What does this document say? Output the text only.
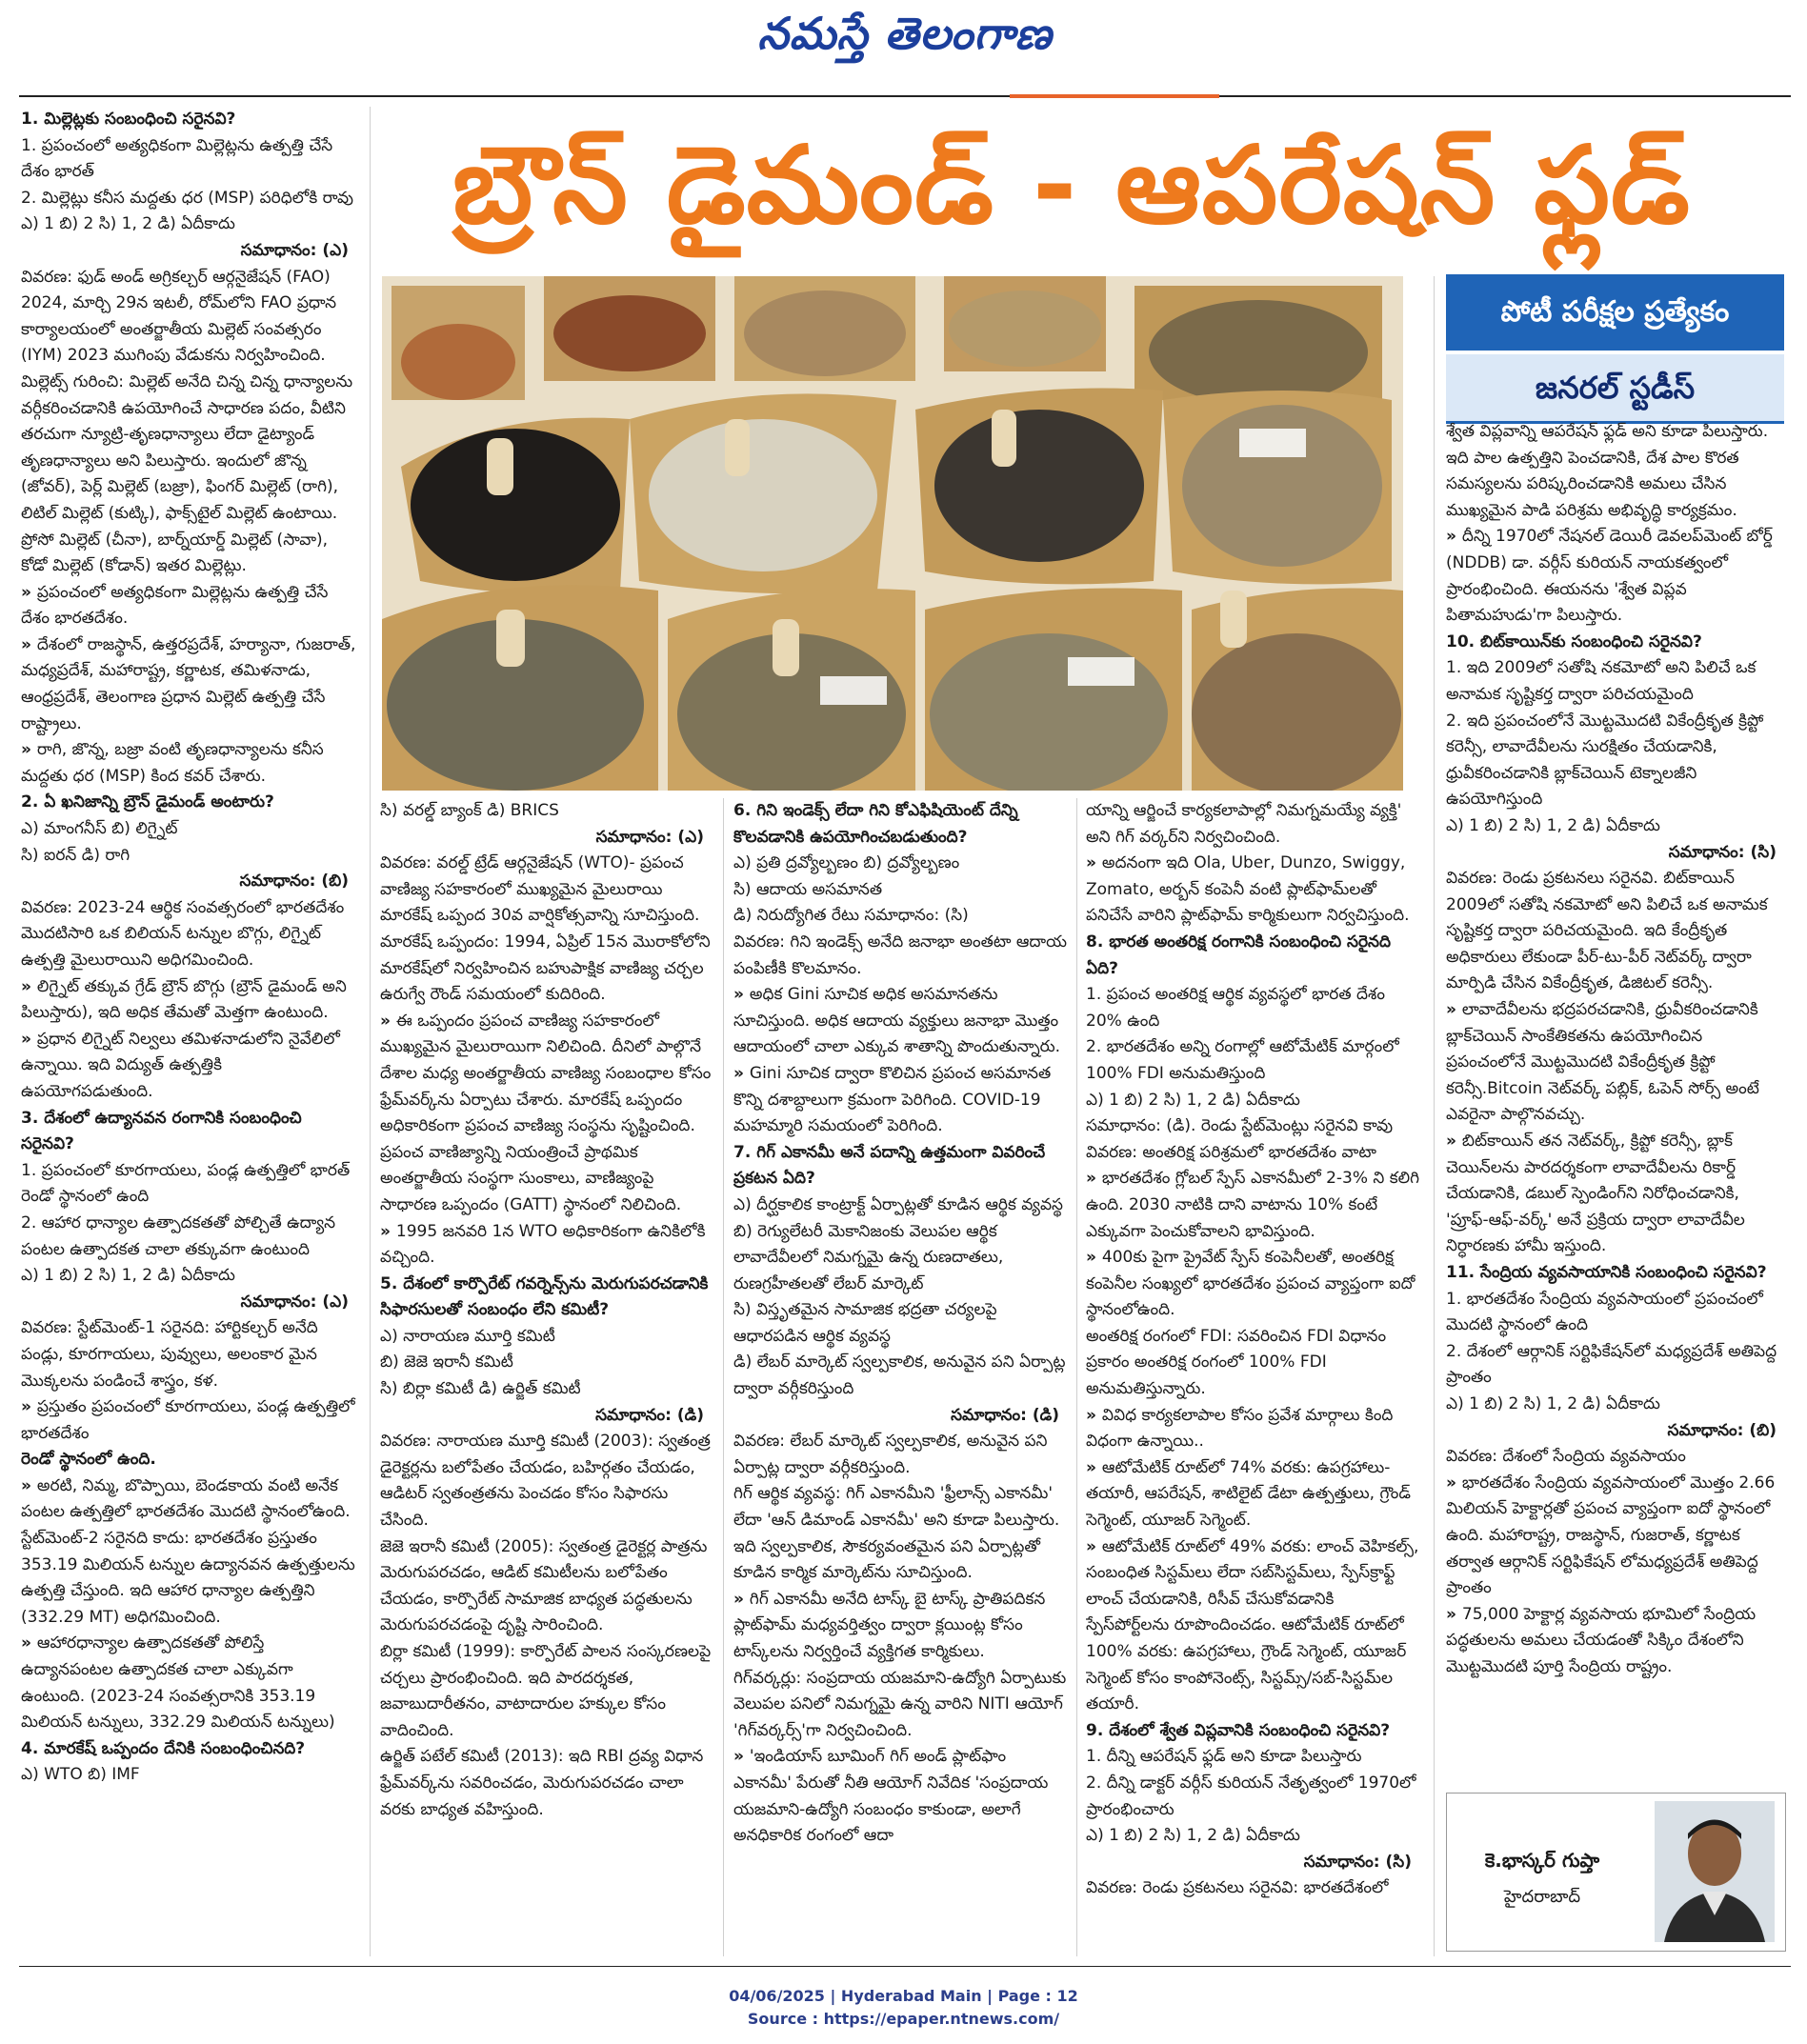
నమస్తే తెలంగాణ
బ్రౌన్ డైమండ్ - ఆపరేషన్ ఫ్లడ్
పోటీ పరీక్షల ప్రత్యేకం
జనరల్ స్టడీస్

1. మిల్లెట్లకు సంబంధించి సరైనవి?

1. ప్రపంచంలో అత్యధికంగా మిల్లెట్లను ఉత్పత్తి చేసే దేశం భారత్

2. మిల్లెట్లు కనీస మద్దతు ధర (MSP) పరిధిలోకి రావు

ఎ) 1 బి) 2 సి) 1, 2 డి) ఏదీకాదు

సమాధానం: (ఎ)

వివరణ: ఫుడ్ అండ్ అగ్రికల్చర్ ఆర్గనైజేషన్ (FAO) 2024, మార్చి 29న ఇటలీ, రోమ్‌లోని FAO ప్రధాన కార్యాలయంలో అంతర్జాతీయ మిల్లెట్ సంవత్సరం (IYM) 2023 ముగింపు వేడుకను నిర్వహించింది.

మిల్లెట్స్ గురించి: మిల్లెట్ అనేది చిన్న చిన్న ధాన్యాలను వర్గీకరించడానికి ఉపయోగించే సాధారణ పదం, వీటిని తరచుగా న్యూట్రి-తృణధాన్యాలు లేదా డైట్యాండ్ తృణధాన్యాలు అని పిలుస్తారు. ఇందులో జొన్న (జోవర్), పెర్ల్ మిల్లెట్ (బజ్రా), ఫింగర్ మిల్లెట్ (రాగి), లిటిల్ మిల్లెట్ (కుట్కి), ఫాక్స్‌టైల్ మిల్లెట్ ఉంటాయి. ప్రోసో మిల్లెట్ (చీనా), బార్న్‌యార్డ్ మిల్లెట్ (సావా), కోడో మిల్లెట్ (కోడాన్) ఇతర మిల్లెట్లు.

» ప్రపంచంలో అత్యధికంగా మిల్లెట్లను ఉత్పత్తి చేసే దేశం భారతదేశం.

» దేశంలో రాజస్థాన్, ఉత్తరప్రదేశ్, హర్యానా, గుజరాత్, మధ్యప్రదేశ్, మహారాష్ట్ర, కర్ణాటక, తమిళనాడు, ఆంధ్రప్రదేశ్, తెలంగాణ ప్రధాన మిల్లెట్ ఉత్పత్తి చేసే రాష్ట్రాలు.

» రాగి, జొన్న, బజ్రా వంటి తృణధాన్యాలను కనీస మద్దతు ధర (MSP) కింద కవర్ చేశారు.

2. ఏ ఖనిజాన్ని బ్రౌన్ డైమండ్ అంటారు?

ఎ) మాంగనీస్ బి) లిగ్నైట్

సి) ఐరన్ డి) రాగి

సమాధానం: (బి)

వివరణ: 2023-24 ఆర్థిక సంవత్సరంలో భారతదేశం మొదటిసారి ఒక బిలియన్ టన్నుల బొగ్గు, లిగ్నైట్ ఉత్పత్తి మైలురాయిని అధిగమించింది.

» లిగ్నైట్ తక్కువ గ్రేడ్ బ్రౌన్ బొగ్గు (బ్రౌన్ డైమండ్ అని పిలుస్తారు), ఇది అధిక తేమతో మెత్తగా ఉంటుంది.

» ప్రధాన లిగ్నైట్ నిల్వలు తమిళనాడులోని నైవేలిలో ఉన్నాయి. ఇది విద్యుత్ ఉత్పత్తికి ఉపయోగపడుతుంది.

3. దేశంలో ఉద్యానవన రంగానికి సంబంధించి సరైనవి?

1. ప్రపంచంలో కూరగాయలు, పండ్ల ఉత్పత్తిలో భారత్ రెండో స్థానంలో ఉంది

2. ఆహార ధాన్యాల ఉత్పాదకతతో పోల్చితే ఉద్యాన పంటల ఉత్పాదకత చాలా తక్కువగా ఉంటుంది

ఎ) 1 బి) 2 సి) 1, 2 డి) ఏదీకాదు

సమాధానం: (ఎ)

వివరణ: స్టేట్‌మెంట్-1 సరైనది: హార్టికల్చర్ అనేది పండ్లు, కూరగాయలు, పువ్వులు, అలంకార మైన మొక్కలను పండించే శాస్త్రం, కళ.

» ప్రస్తుతం ప్రపంచంలో కూరగాయలు, పండ్ల ఉత్పత్తిలో భారతదేశం

రెండో స్థానంలో ఉంది.

» అరటి, నిమ్మ, బొప్పాయి, బెండకాయ వంటి అనేక పంటల ఉత్పత్తిలో భారతదేశం మొదటి స్థానంలోఉంది.

స్టేట్‌మెంట్-2 సరైనది కాదు: భారతదేశం ప్రస్తుతం 353.19 మిలియన్ టన్నుల ఉద్యానవన ఉత్పత్తులను ఉత్పత్తి చేస్తుంది. ఇది ఆహార ధాన్యాల ఉత్పత్తిని (332.29 MT) అధిగమించింది.

» ఆహారధాన్యాల ఉత్పాదకతతో పోలిస్తే ఉద్యానపంటల ఉత్పాదకత చాలా ఎక్కువగా ఉంటుంది. (2023-24 సంవత్సరానికి 353.19 మిలియన్ టన్నులు, 332.29 మిలియన్ టన్నులు)

4. మారకేష్ ఒప్పందం దేనికి సంబంధించినది?

ఎ) WTO బి) IMF

సి) వరల్డ్ బ్యాంక్ డి) BRICS

సమాధానం: (ఎ)

వివరణ: వరల్డ్ ట్రేడ్ ఆర్గనైజేషన్ (WTO)- ప్రపంచ వాణిజ్య సహకారంలో ముఖ్యమైన మైలురాయి మారకేష్ ఒప్పంద 30వ వార్షికోత్సవాన్ని సూచిస్తుంది.

మారకేష్ ఒప్పందం: 1994, ఏప్రిల్ 15న మొరాకోలోని మారకేష్‌లో నిర్వహించిన బహుపాక్షిక వాణిజ్య చర్చల ఉరుగ్వే రౌండ్ సమయంలో కుదిరింది.

» ఈ ఒప్పందం ప్రపంచ వాణిజ్య సహకారంలో ముఖ్యమైన మైలురాయిగా నిలిచింది. దీనిలో పాల్గొనే దేశాల మధ్య అంతర్జాతీయ వాణిజ్య సంబంధాల కోసం ఫ్రేమ్‌వర్క్‌ను ఏర్పాటు చేశారు. మారకేష్ ఒప్పందం అధికారికంగా ప్రపంచ వాణిజ్య సంస్థను సృష్టించింది. ప్రపంచ వాణిజ్యాన్ని నియంత్రించే ప్రాథమిక అంతర్జాతీయ సంస్థగా సుంకాలు, వాణిజ్యంపై సాధారణ ఒప్పందం (GATT) స్థానంలో నిలిచింది.

» 1995 జనవరి 1న WTO అధికారికంగా ఉనికిలోకి వచ్చింది.

5. దేశంలో కార్పొరేట్ గవర్నెన్స్‌ను మెరుగుపరచడానికి సిఫారసులతో సంబంధం లేని కమిటీ?

ఎ) నారాయణ మూర్తి కమిటీ

బి) జెజె ఇరానీ కమిటీ

సి) బిర్లా కమిటీ డి) ఉర్జిత్ కమిటీ

సమాధానం: (డి)

వివరణ: నారాయణ మూర్తి కమిటీ (2003): స్వతంత్ర డైరెక్టర్లను బలోపేతం చేయడం, బహిర్గతం చేయడం, ఆడిటర్ స్వతంత్రతను పెంచడం కోసం సిఫారసు చేసింది.

జెజె ఇరానీ కమిటీ (2005): స్వతంత్ర డైరెక్టర్ల పాత్రను మెరుగుపరచడం, ఆడిట్ కమిటీలను బలోపేతం చేయడం, కార్పొరేట్ సామాజిక బాధ్యత పద్ధతులను మెరుగుపరచడంపై దృష్టి సారించింది.

బిర్లా కమిటీ (1999): కార్పొరేట్ పాలన సంస్కరణలపై చర్చలు ప్రారంభించింది. ఇది పారదర్శకత, జవాబుదారీతనం, వాటాదారుల హక్కుల కోసం వాదించింది.

ఉర్జిత్ పటేల్ కమిటీ (2013): ఇది RBI ద్రవ్య విధాన ఫ్రేమ్‌వర్క్‌ను సవరించడం, మెరుగుపరచడం చాలా వరకు బాధ్యత వహిస్తుంది.

6. గిని ఇండెక్స్ లేదా గిని కోఎఫిషియెంట్ దేన్ని కొలవడానికి ఉపయోగించబడుతుంది?

ఎ) ప్రతి ద్రవ్యోల్బణం బి) ద్రవ్యోల్బణం

సి) ఆదాయ అసమానత

డి) నిరుద్యోగిత రేటు సమాధానం: (సి)

వివరణ: గిని ఇండెక్స్ అనేది జనాభా అంతటా ఆదాయ పంపిణీకి కొలమానం.

» అధిక Gini సూచిక అధిక అసమానతను సూచిస్తుంది. అధిక ఆదాయ వ్యక్తులు జనాభా మొత్తం ఆదాయంలో చాలా ఎక్కువ శాతాన్ని పొందుతున్నారు.

» Gini సూచిక ద్వారా కొలిచిన ప్రపంచ అసమానత కొన్ని దశాబ్దాలుగా క్రమంగా పెరిగింది. COVID-19 మహమ్మారి సమయంలో పెరిగింది.

7. గిగ్ ఎకానమీ అనే పదాన్ని ఉత్తమంగా వివరించే ప్రకటన ఏది?

ఎ) దీర్ఘకాలిక కాంట్రాక్ట్ ఏర్పాట్లతో కూడిన ఆర్థిక వ్యవస్థ

బి) రెగ్యులేటరీ మెకానిజంకు వెలుపల ఆర్థిక లావాదేవీలలో నిమగ్నమై ఉన్న రుణదాతలు, రుణగ్రహీతలతో లేబర్ మార్కెట్

సి) విస్తృతమైన సామాజిక భద్రతా చర్యలపై ఆధారపడిన ఆర్థిక వ్యవస్థ

డి) లేబర్ మార్కెట్ స్వల్పకాలిక, అనువైన పని ఏర్పాట్ల ద్వారా వర్గీకరిస్తుంది

సమాధానం: (డి)

వివరణ: లేబర్ మార్కెట్ స్వల్పకాలిక, అనువైన పని ఏర్పాట్ల ద్వారా వర్గీకరిస్తుంది.

గిగ్ ఆర్థిక వ్యవస్థ: గిగ్ ఎకానమీని 'ఫ్రీలాన్స్ ఎకానమీ' లేదా 'ఆన్ డిమాండ్ ఎకానమీ' అని కూడా పిలుస్తారు. ఇది స్వల్పకాలిక, సౌకర్యవంతమైన పని ఏర్పాట్లతో కూడిన కార్మిక మార్కెట్‌ను సూచిస్తుంది.

» గిగ్ ఎకానమీ అనేది టాస్క్ బై టాస్క్ ప్రాతిపదికన ప్లాట్‌ఫామ్ మధ్యవర్తిత్వం ద్వారా క్లయింట్ల కోసం టాస్క్‌లను నిర్వర్తించే వ్యక్తిగత కార్మికులు.

గిగ్‌వర్కర్లు: సంప్రదాయ యజమాని-ఉద్యోగి ఏర్పాటుకు వెలుపల పనిలో నిమగ్నమై ఉన్న వారిని NITI ఆయోగ్ 'గిగ్‌వర్కర్స్'గా నిర్వచించింది.

» 'ఇండియాస్ బూమింగ్ గిగ్ అండ్ ప్లాట్‌ఫాం ఎకానమీ' పేరుతో నీతి ఆయోగ్ నివేదిక 'సంప్రదాయ యజమాని-ఉద్యోగి సంబంధం కాకుండా, అలాగే అనధికారిక రంగంలో ఆదా

యాన్ని ఆర్జించే కార్యకలాపాల్లో నిమగ్నమయ్యే వ్యక్తి' అని గిగ్ వర్కర్‌ని నిర్వచించింది.

» అదనంగా ఇది Ola, Uber, Dunzo, Swiggy, Zomato, అర్బన్ కంపెనీ వంటి ప్లాట్‌ఫామ్‌లతో పనిచేసే వారిని ప్లాట్‌ఫామ్ కార్మికులుగా నిర్వచిస్తుంది.

8. భారత అంతరిక్ష రంగానికి సంబంధించి సరైనది ఏది?

1. ప్రపంచ అంతరిక్ష ఆర్థిక వ్యవస్థలో భారత దేశం 20% ఉంది

2. భారతదేశం అన్ని రంగాల్లో ఆటోమేటిక్ మార్గంలో 100% FDI అనుమతిస్తుంది

ఎ) 1 బి) 2 సి) 1, 2 డి) ఏదీకాదు

సమాధానం: (డి). రెండు స్టేట్‌మెంట్లు సరైనవి కావు

వివరణ: అంతరిక్ష పరిశ్రమలో భారతదేశం వాటా

» భారతదేశం గ్లోబల్ స్పేస్ ఎకానమీలో 2-3% ని కలిగి ఉంది. 2030 నాటికి దాని వాటాను 10% కంటే ఎక్కువగా పెంచుకోవాలని భావిస్తుంది.

» 400కు పైగా ప్రైవేట్ స్పేస్ కంపెనీలతో, అంతరిక్ష కంపెనీల సంఖ్యలో భారతదేశం ప్రపంచ వ్యాప్తంగా ఐదో స్థానంలోఉంది.

అంతరిక్ష రంగంలో FDI: సవరించిన FDI విధానం ప్రకారం అంతరిక్ష రంగంలో 100% FDI అనుమతిస్తున్నారు.

» వివిధ కార్యకలాపాల కోసం ప్రవేశ మార్గాలు కింది విధంగా ఉన్నాయి..

» ఆటోమేటిక్ రూట్‌లో 74% వరకు: ఉపగ్రహాలు-తయారీ, ఆపరేషన్, శాటిలైట్ డేటా ఉత్పత్తులు, గ్రౌండ్ సెగ్మెంట్, యూజర్ సెగ్మెంట్.

» ఆటోమేటిక్ రూట్‌లో 49% వరకు: లాంచ్ వెహికల్స్, సంబంధిత సిస్టమ్‌లు లేదా సబ్‌సిస్టమ్‌లు, స్పేస్‌క్రాఫ్ట్ లాంచ్ చేయడానికి, రిసీవ్ చేసుకోవడానికి స్పేస్‌పోర్ట్‌లను రూపొందించడం. ఆటోమేటిక్ రూట్‌లో 100% వరకు: ఉపగ్రహాలు, గ్రౌండ్ సెగ్మెంట్, యూజర్ సెగ్మెంట్ కోసం కాంపోనెంట్స్, సిస్టమ్స్/సబ్-సిస్టమ్‌ల తయారీ.

9. దేశంలో శ్వేత విప్లవానికి సంబంధించి సరైనవి?

1. దీన్ని ఆపరేషన్ ఫ్లడ్ అని కూడా పిలుస్తారు

2. దీన్ని డాక్టర్ వర్గీస్ కురియన్ నేతృత్వంలో 1970లో ప్రారంభించారు

ఎ) 1 బి) 2 సి) 1, 2 డి) ఏదీకాదు

సమాధానం: (సి)

వివరణ: రెండు ప్రకటనలు సరైనవి: భారతదేశంలో

శ్వేత విప్లవాన్ని ఆపరేషన్ ఫ్లడ్ అని కూడా పిలుస్తారు. ఇది పాల ఉత్పత్తిని పెంచడానికి, దేశ పాల కొరత సమస్యలను పరిష్కరించడానికి అమలు చేసిన ముఖ్యమైన పాడి పరిశ్రమ అభివృద్ధి కార్యక్రమం.

» దీన్ని 1970లో నేషనల్ డెయిరీ డెవలప్‌మెంట్ బోర్డ్ (NDDB) డా. వర్గీస్ కురియన్ నాయకత్వంలో ప్రారంభించింది. ఈయనను 'శ్వేత విప్లవ పితామహుడు'గా పిలుస్తారు.

10. బిట్‌కాయిన్‌కు సంబంధించి సరైనవి?

1. ఇది 2009లో సతోషి నకమోటో అని పిలిచే ఒక అనామక సృష్టికర్త ద్వారా పరిచయమైంది

2. ఇది ప్రపంచంలోనే మొట్టమొదటి వికేంద్రీకృత క్రిప్టో కరెన్సీ, లావాదేవీలను సురక్షితం చేయడానికి, ధ్రువీకరించడానికి బ్లాక్‌చెయిన్ టెక్నాలజీని ఉపయోగిస్తుంది

ఎ) 1 బి) 2 సి) 1, 2 డి) ఏదీకాదు

సమాధానం: (సి)

వివరణ: రెండు ప్రకటనలు సరైనవి. బిట్‌కాయిన్ 2009లో సతోషి నకమోటో అని పిలిచే ఒక అనామక సృష్టికర్త ద్వారా పరిచయమైంది. ఇది కేంద్రీకృత అధికారులు లేకుండా పీర్-టు-పీర్ నెట్‌వర్క్ ద్వారా మార్పిడి చేసిన వికేంద్రీకృత, డిజిటల్ కరెన్సీ.

» లావాదేవీలను భద్రపరచడానికి, ధ్రువీకరించడానికి బ్లాక్‌చెయిన్ సాంకేతికతను ఉపయోగించిన ప్రపంచంలోనే మొట్టమొదటి వికేంద్రీకృత క్రిప్టో కరెన్సీ.Bitcoin నెట్‌వర్క్ పబ్లిక్, ఓపెన్ సోర్స్ అంటే ఎవరైనా పాల్గొనవచ్చు.

» బిట్‌కాయిన్ తన నెట్‌వర్క్, క్రిప్టో కరెన్సీ, బ్లాక్ చెయిన్‌లను పారదర్శకంగా లావాదేవీలను రికార్డ్ చేయడానికి, డబుల్ స్పెండింగ్‌ని నిరోధించడానికి, 'ప్రూఫ్-ఆఫ్-వర్క్' అనే ప్రక్రియ ద్వారా లావాదేవీల నిర్ధారణకు హామీ ఇస్తుంది.

11. సేంద్రియ వ్యవసాయానికి సంబంధించి సరైనవి?

1. భారతదేశం సేంద్రియ వ్యవసాయంలో ప్రపంచంలో మొదటి స్థానంలో ఉంది

2. దేశంలో ఆర్గానిక్ సర్టిఫికేషన్‌లో మధ్యప్రదేశ్ అతిపెద్ద ప్రాంతం

ఎ) 1 బి) 2 సి) 1, 2 డి) ఏదీకాదు

సమాధానం: (బి)

వివరణ: దేశంలో సేంద్రియ వ్యవసాయం

» భారతదేశం సేంద్రియ వ్యవసాయంలో మొత్తం 2.66 మిలియన్ హెక్టార్లతో ప్రపంచ వ్యాప్తంగా ఐదో స్థానంలో ఉంది. మహారాష్ట్ర, రాజస్థాన్, గుజరాత్, కర్ణాటక తర్వాత ఆర్గానిక్ సర్టిఫికేషన్ లోమధ్యప్రదేశ్ అతిపెద్ద ప్రాంతం

» 75,000 హెక్టార్ల వ్యవసాయ భూమిలో సేంద్రియ పద్ధతులను అమలు చేయడంతో సిక్కిం దేశంలోని మొట్టమొదటి పూర్తి సేంద్రియ రాష్ట్రం.

కె.భాస్కర్ గుప్తా
హైదరాబాద్
04/06/2025 | Hyderabad Main | Page : 12
Source : https://epaper.ntnews.com/
